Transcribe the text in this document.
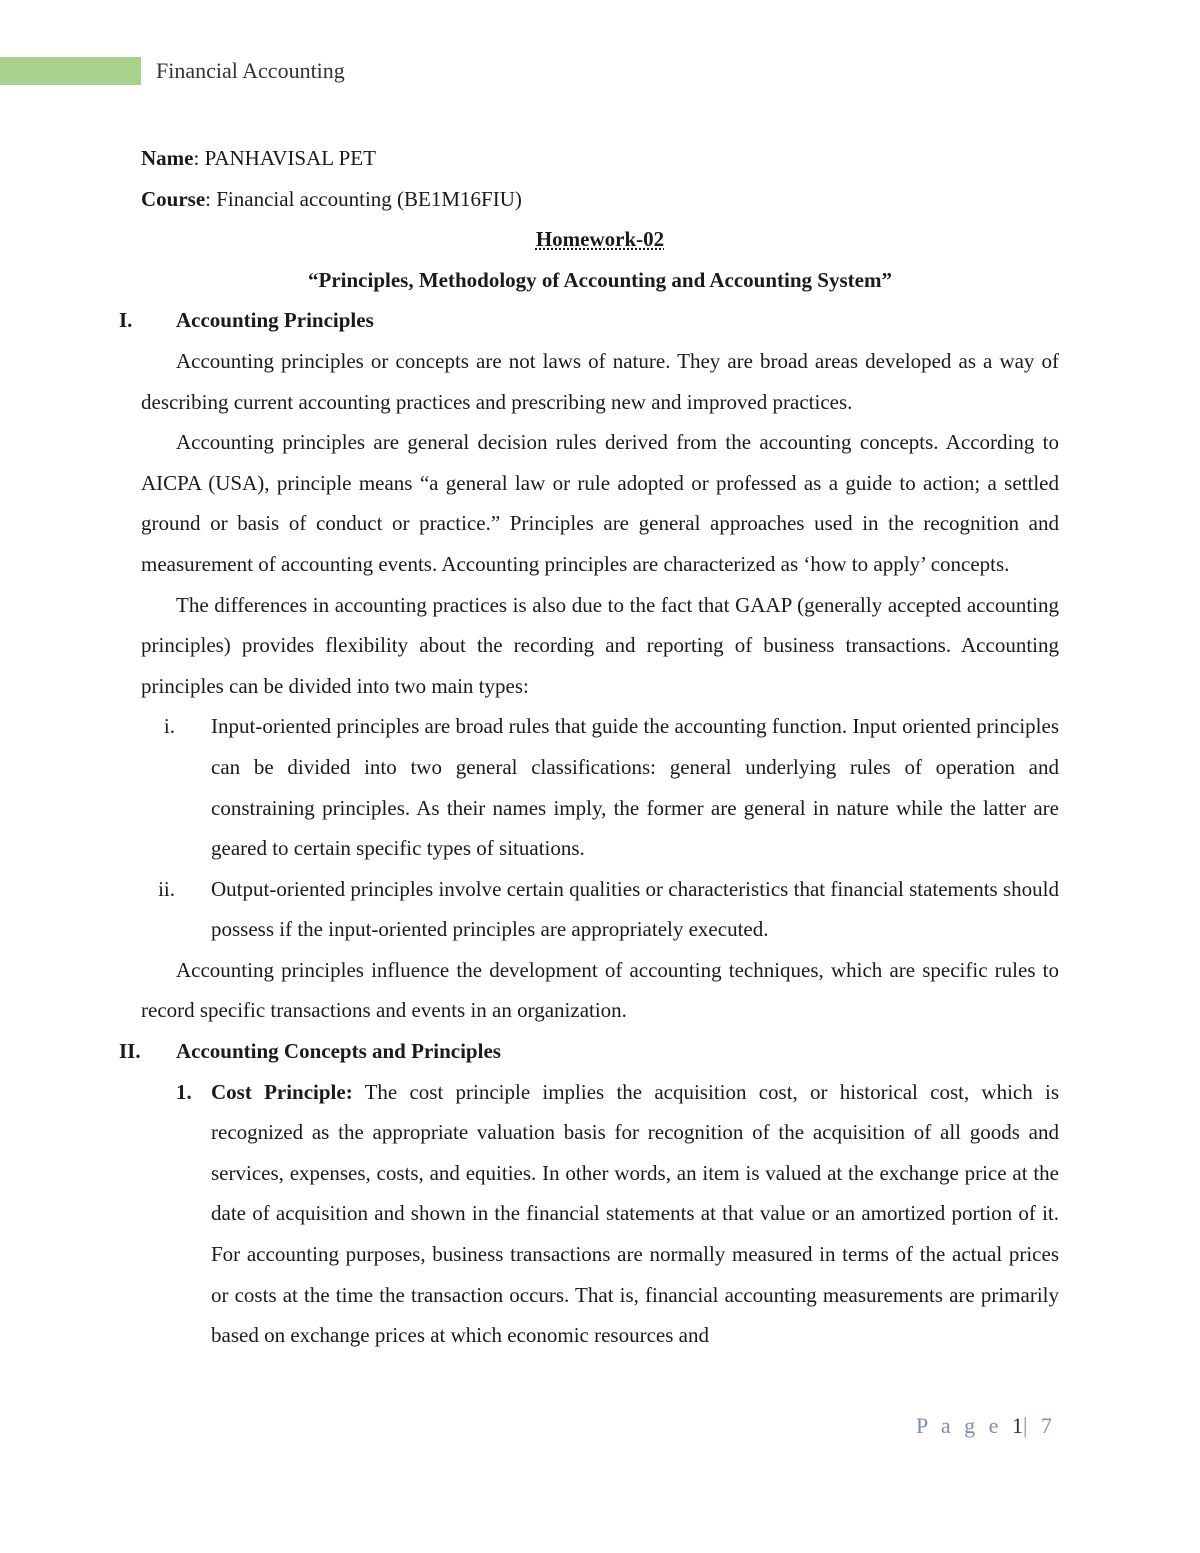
Financial Accounting

Name: PANHAVISAL PET

Course: Financial accounting (BE1M16FIU)

Homework-02

“Principles, Methodology of Accounting and Accounting System”

I. Accounting Principles

Accounting principles or concepts are not laws of nature. They are broad areas developed as a way of describing current accounting practices and prescribing new and improved practices.

Accounting principles are general decision rules derived from the accounting concepts. According to AICPA (USA), principle means “a general law or rule adopted or professed as a guide to action; a settled ground or basis of conduct or practice.” Principles are general approaches used in the recognition and measurement of accounting events. Accounting principles are characterized as ‘how to apply’ concepts.

The differences in accounting practices is also due to the fact that GAAP (generally accepted accounting principles) provides flexibility about the recording and reporting of business transactions. Accounting principles can be divided into two main types:

i. Input-oriented principles are broad rules that guide the accounting function. Input oriented principles can be divided into two general classifications: general underlying rules of operation and constraining principles. As their names imply, the former are general in nature while the latter are geared to certain specific types of situations.

ii. Output-oriented principles involve certain qualities or characteristics that financial statements should possess if the input-oriented principles are appropriately executed.

Accounting principles influence the development of accounting techniques, which are specific rules to record specific transactions and events in an organization.

II. Accounting Concepts and Principles

1. Cost Principle: The cost principle implies the acquisition cost, or historical cost, which is recognized as the appropriate valuation basis for recognition of the acquisition of all goods and services, expenses, costs, and equities. In other words, an item is valued at the exchange price at the date of acquisition and shown in the financial statements at that value or an amortized portion of it. For accounting purposes, business transactions are normally measured in terms of the actual prices or costs at the time the transaction occurs. That is, financial accounting measurements are primarily based on exchange prices at which economic resources and

P a g e 1| 7
